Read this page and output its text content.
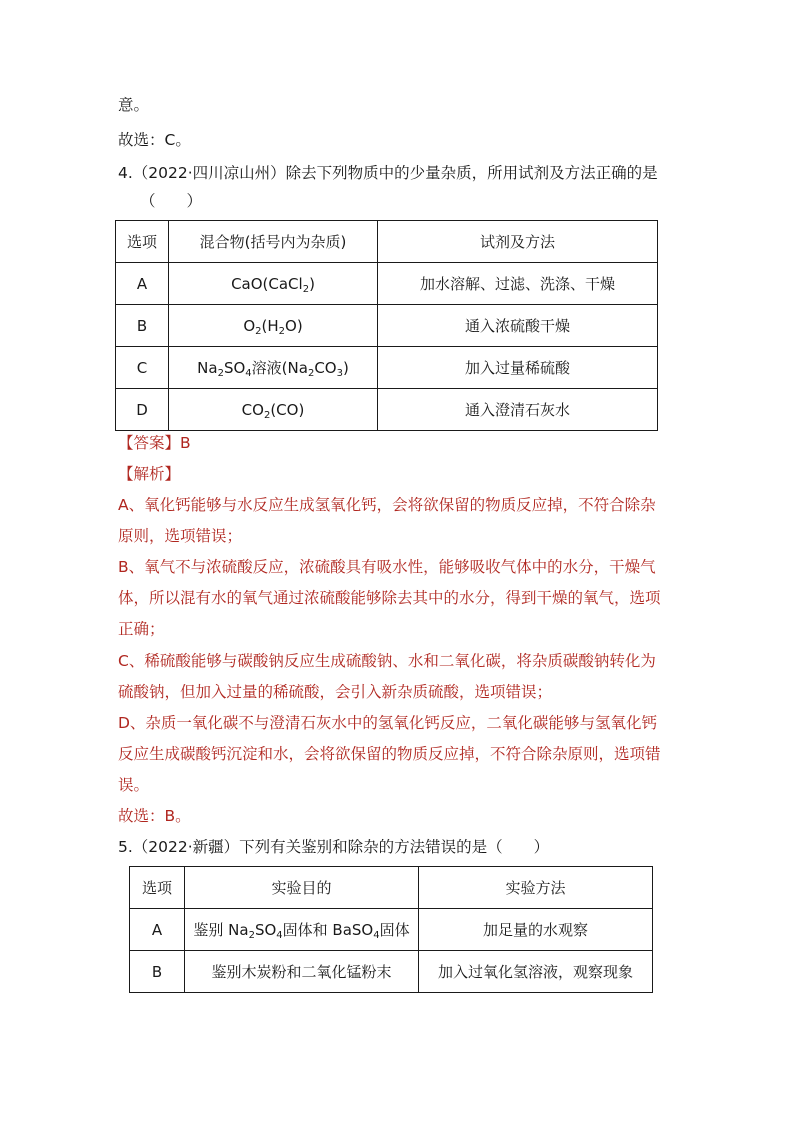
意。
故选：C。
4.（2022·四川凉山州）除去下列物质中的少量杂质，所用试剂及方法正确的是
（　　）
选项	混合物(括号内为杂质)	试剂及方法
A	CaO(CaCl$_2$)	加水溶解、过滤、洗涤、干燥
B	$O_2(H_2O)$	通入浓硫酸干燥
C	$Na_2SO_4$溶液$(Na_2CO_3)$	加入过量稀硫酸
D	$CO_2(CO)$	通入澄清石灰水
【答案】B
【解析】
A、氧化钙能够与水反应生成氢氧化钙，会将欲保留的物质反应掉，不符合除杂
原则，选项错误；
B、氧气不与浓硫酸反应，浓硫酸具有吸水性，能够吸收气体中的水分，干燥气
体，所以混有水的氧气通过浓硫酸能够除去其中的水分，得到干燥的氧气，选项
正确；
C、稀硫酸能够与碳酸钠反应生成硫酸钠、水和二氧化碳，将杂质碳酸钠转化为
硫酸钠，但加入过量的稀硫酸，会引入新杂质硫酸，选项错误；
D、杂质一氧化碳不与澄清石灰水中的氢氧化钙反应，二氧化碳能够与氢氧化钙
反应生成碳酸钙沉淀和水，会将欲保留的物质反应掉，不符合除杂原则，选项错
误。
故选：B。
5.（2022·新疆）下列有关鉴别和除杂的方法错误的是（　　）
选项	实验目的	实验方法
A	鉴别 $Na_2SO_4$固体和 BaSO$_4$固体	加足量的水观察
B	鉴别木炭粉和二氧化锰粉末	加入过氧化氢溶液，观察现象
